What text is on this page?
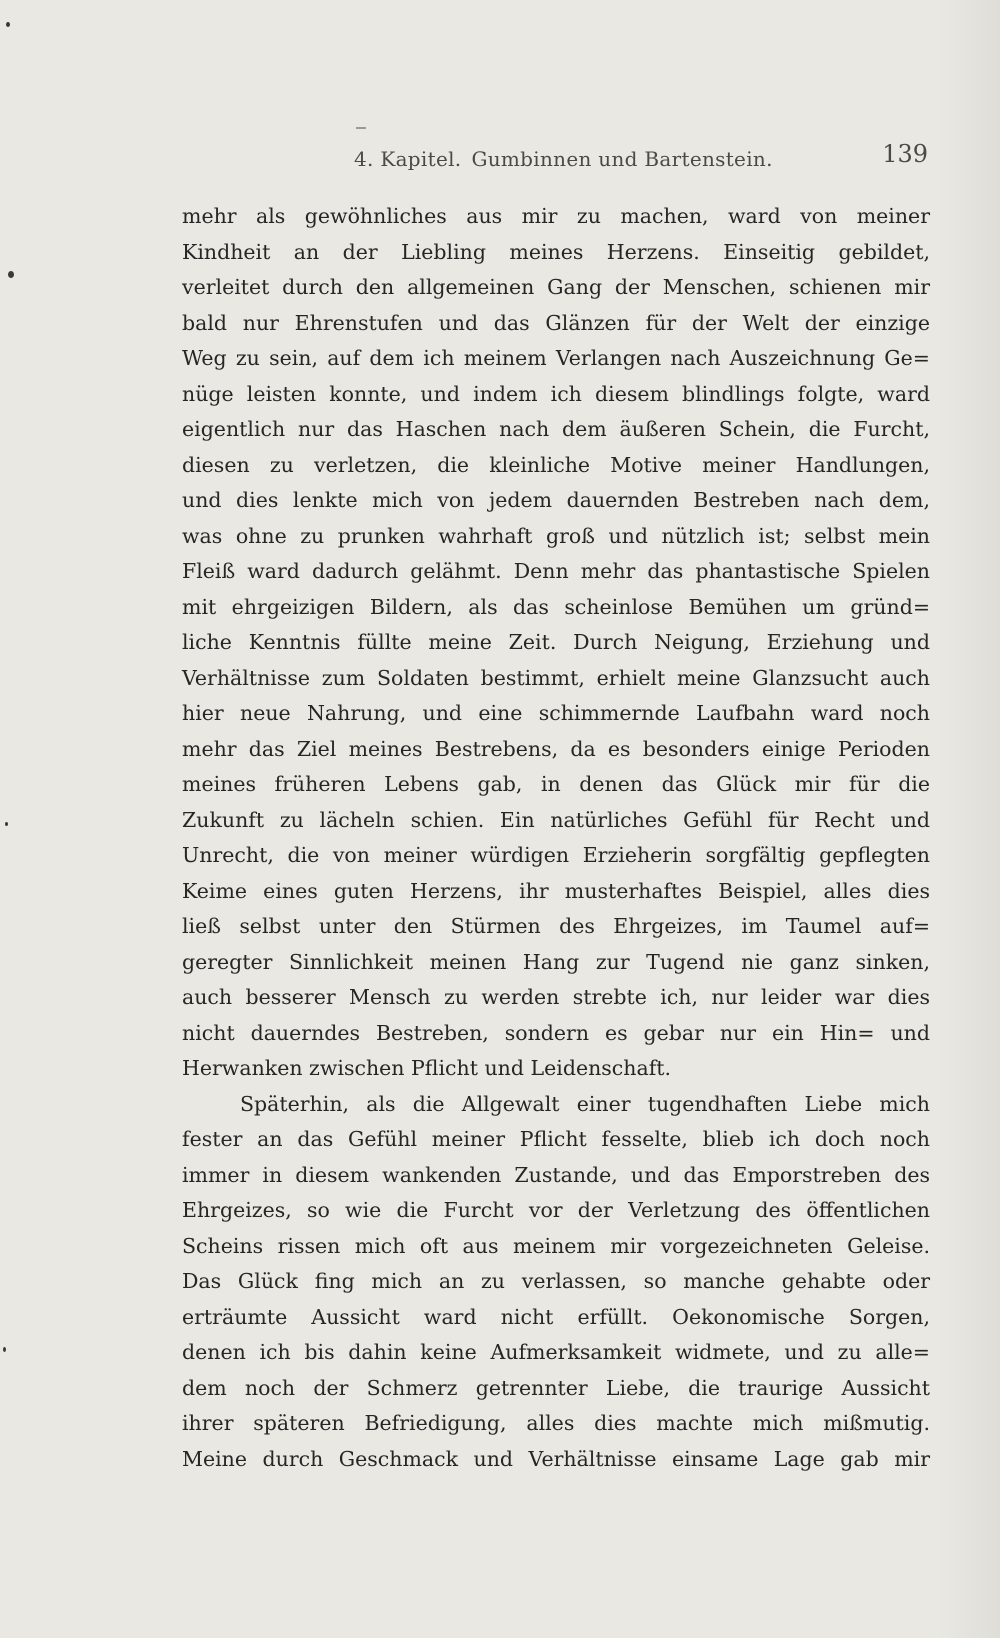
4. Kapitel. Gumbinnen und Bartenstein.	139
mehr als gewöhnliches aus mir zu machen, ward von meiner
Kindheit an der Liebling meines Herzens. Einseitig gebildet,
verleitet durch den allgemeinen Gang der Menschen, schienen mir
bald nur Ehrenstufen und das Glänzen für der Welt der einzige
Weg zu sein, auf dem ich meinem Verlangen nach Auszeichnung Ge=
nüge leisten konnte, und indem ich diesem blindlings folgte, ward
eigentlich nur das Haschen nach dem äußeren Schein, die Furcht,
diesen zu verletzen, die kleinliche Motive meiner Handlungen,
und dies lenkte mich von jedem dauernden Bestreben nach dem,
was ohne zu prunken wahrhaft groß und nützlich ist; selbst mein
Fleiß ward dadurch gelähmt. Denn mehr das phantastische Spielen
mit ehrgeizigen Bildern, als das scheinlose Bemühen um gründ=
liche Kenntnis füllte meine Zeit. Durch Neigung, Erziehung und
Verhältnisse zum Soldaten bestimmt, erhielt meine Glanzsucht auch
hier neue Nahrung, und eine schimmernde Laufbahn ward noch
mehr das Ziel meines Bestrebens, da es besonders einige Perioden
meines früheren Lebens gab, in denen das Glück mir für die
Zukunft zu lächeln schien. Ein natürliches Gefühl für Recht und
Unrecht, die von meiner würdigen Erzieherin sorgfältig gepflegten
Keime eines guten Herzens, ihr musterhaftes Beispiel, alles dies
ließ selbst unter den Stürmen des Ehrgeizes, im Taumel auf=
geregter Sinnlichkeit meinen Hang zur Tugend nie ganz sinken,
auch besserer Mensch zu werden strebte ich, nur leider war dies
nicht dauerndes Bestreben, sondern es gebar nur ein Hin= und
Herwanken zwischen Pflicht und Leidenschaft.
Späterhin, als die Allgewalt einer tugendhaften Liebe mich
fester an das Gefühl meiner Pflicht fesselte, blieb ich doch noch
immer in diesem wankenden Zustande, und das Emporstreben des
Ehrgeizes, so wie die Furcht vor der Verletzung des öffentlichen
Scheins rissen mich oft aus meinem mir vorgezeichneten Geleise.
Das Glück fing mich an zu verlassen, so manche gehabte oder
erträumte Aussicht ward nicht erfüllt. Oekonomische Sorgen,
denen ich bis dahin keine Aufmerksamkeit widmete, und zu alle=
dem noch der Schmerz getrennter Liebe, die traurige Aussicht
ihrer späteren Befriedigung, alles dies machte mich mißmutig.
Meine durch Geschmack und Verhältnisse einsame Lage gab mir
